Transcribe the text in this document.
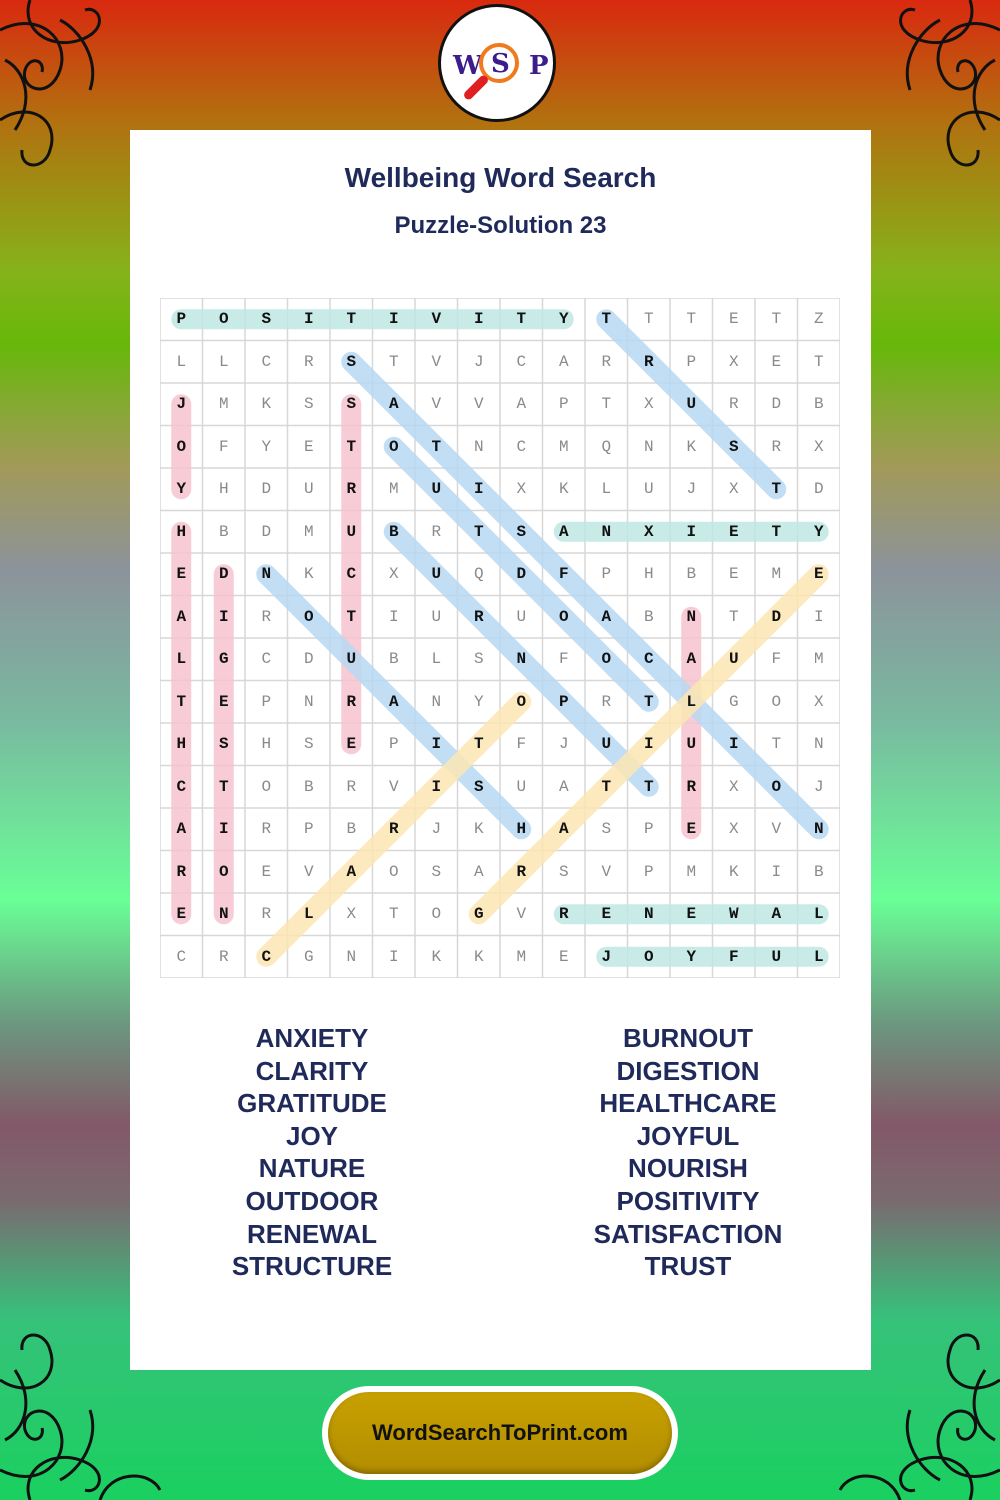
W S P
Wellbeing Word Search
Puzzle-Solution 23
P	O	S	I	T	I	V	I	T	Y	T	T	T	E	T	Z
L	L	C	R	S	T	V	J	C	A	R	R	P	X	E	T
J	M	K	S	S	A	V	V	A	P	T	X	U	R	D	B
O	F	Y	E	T	O	T	N	C	M	Q	N	K	S	R	X
Y	H	D	U	R	M	U	I	X	K	L	U	J	X	T	D
H	B	D	M	U	B	R	T	S	A	N	X	I	E	T	Y
E	D	N	K	C	X	U	Q	D	F	P	H	B	E	M	E
A	I	R	O	T	I	U	R	U	O	A	B	N	T	D	I
L	G	C	D	U	B	L	S	N	F	O	C	A	U	F	M
T	E	P	N	R	A	N	Y	O	P	R	T	L	G	O	X
H	S	H	S	E	P	I	T	F	J	U	I	U	I	T	N
C	T	O	B	R	V	I	S	U	A	T	T	R	X	O	J
A	I	R	P	B	R	J	K	H	A	S	P	E	X	V	N
R	O	E	V	A	O	S	A	R	S	V	P	M	K	I	B
E	N	R	L	X	T	O	G	V	R	E	N	E	W	A	L
C	R	C	G	N	I	K	K	M	E	J	O	Y	F	U	L
ANXIETY
CLARITY
GRATITUDE
JOY
NATURE
OUTDOOR
RENEWAL
STRUCTURE
BURNOUT
DIGESTION
HEALTHCARE
JOYFUL
NOURISH
POSITIVITY
SATISFACTION
TRUST
WordSearchToPrint.com
